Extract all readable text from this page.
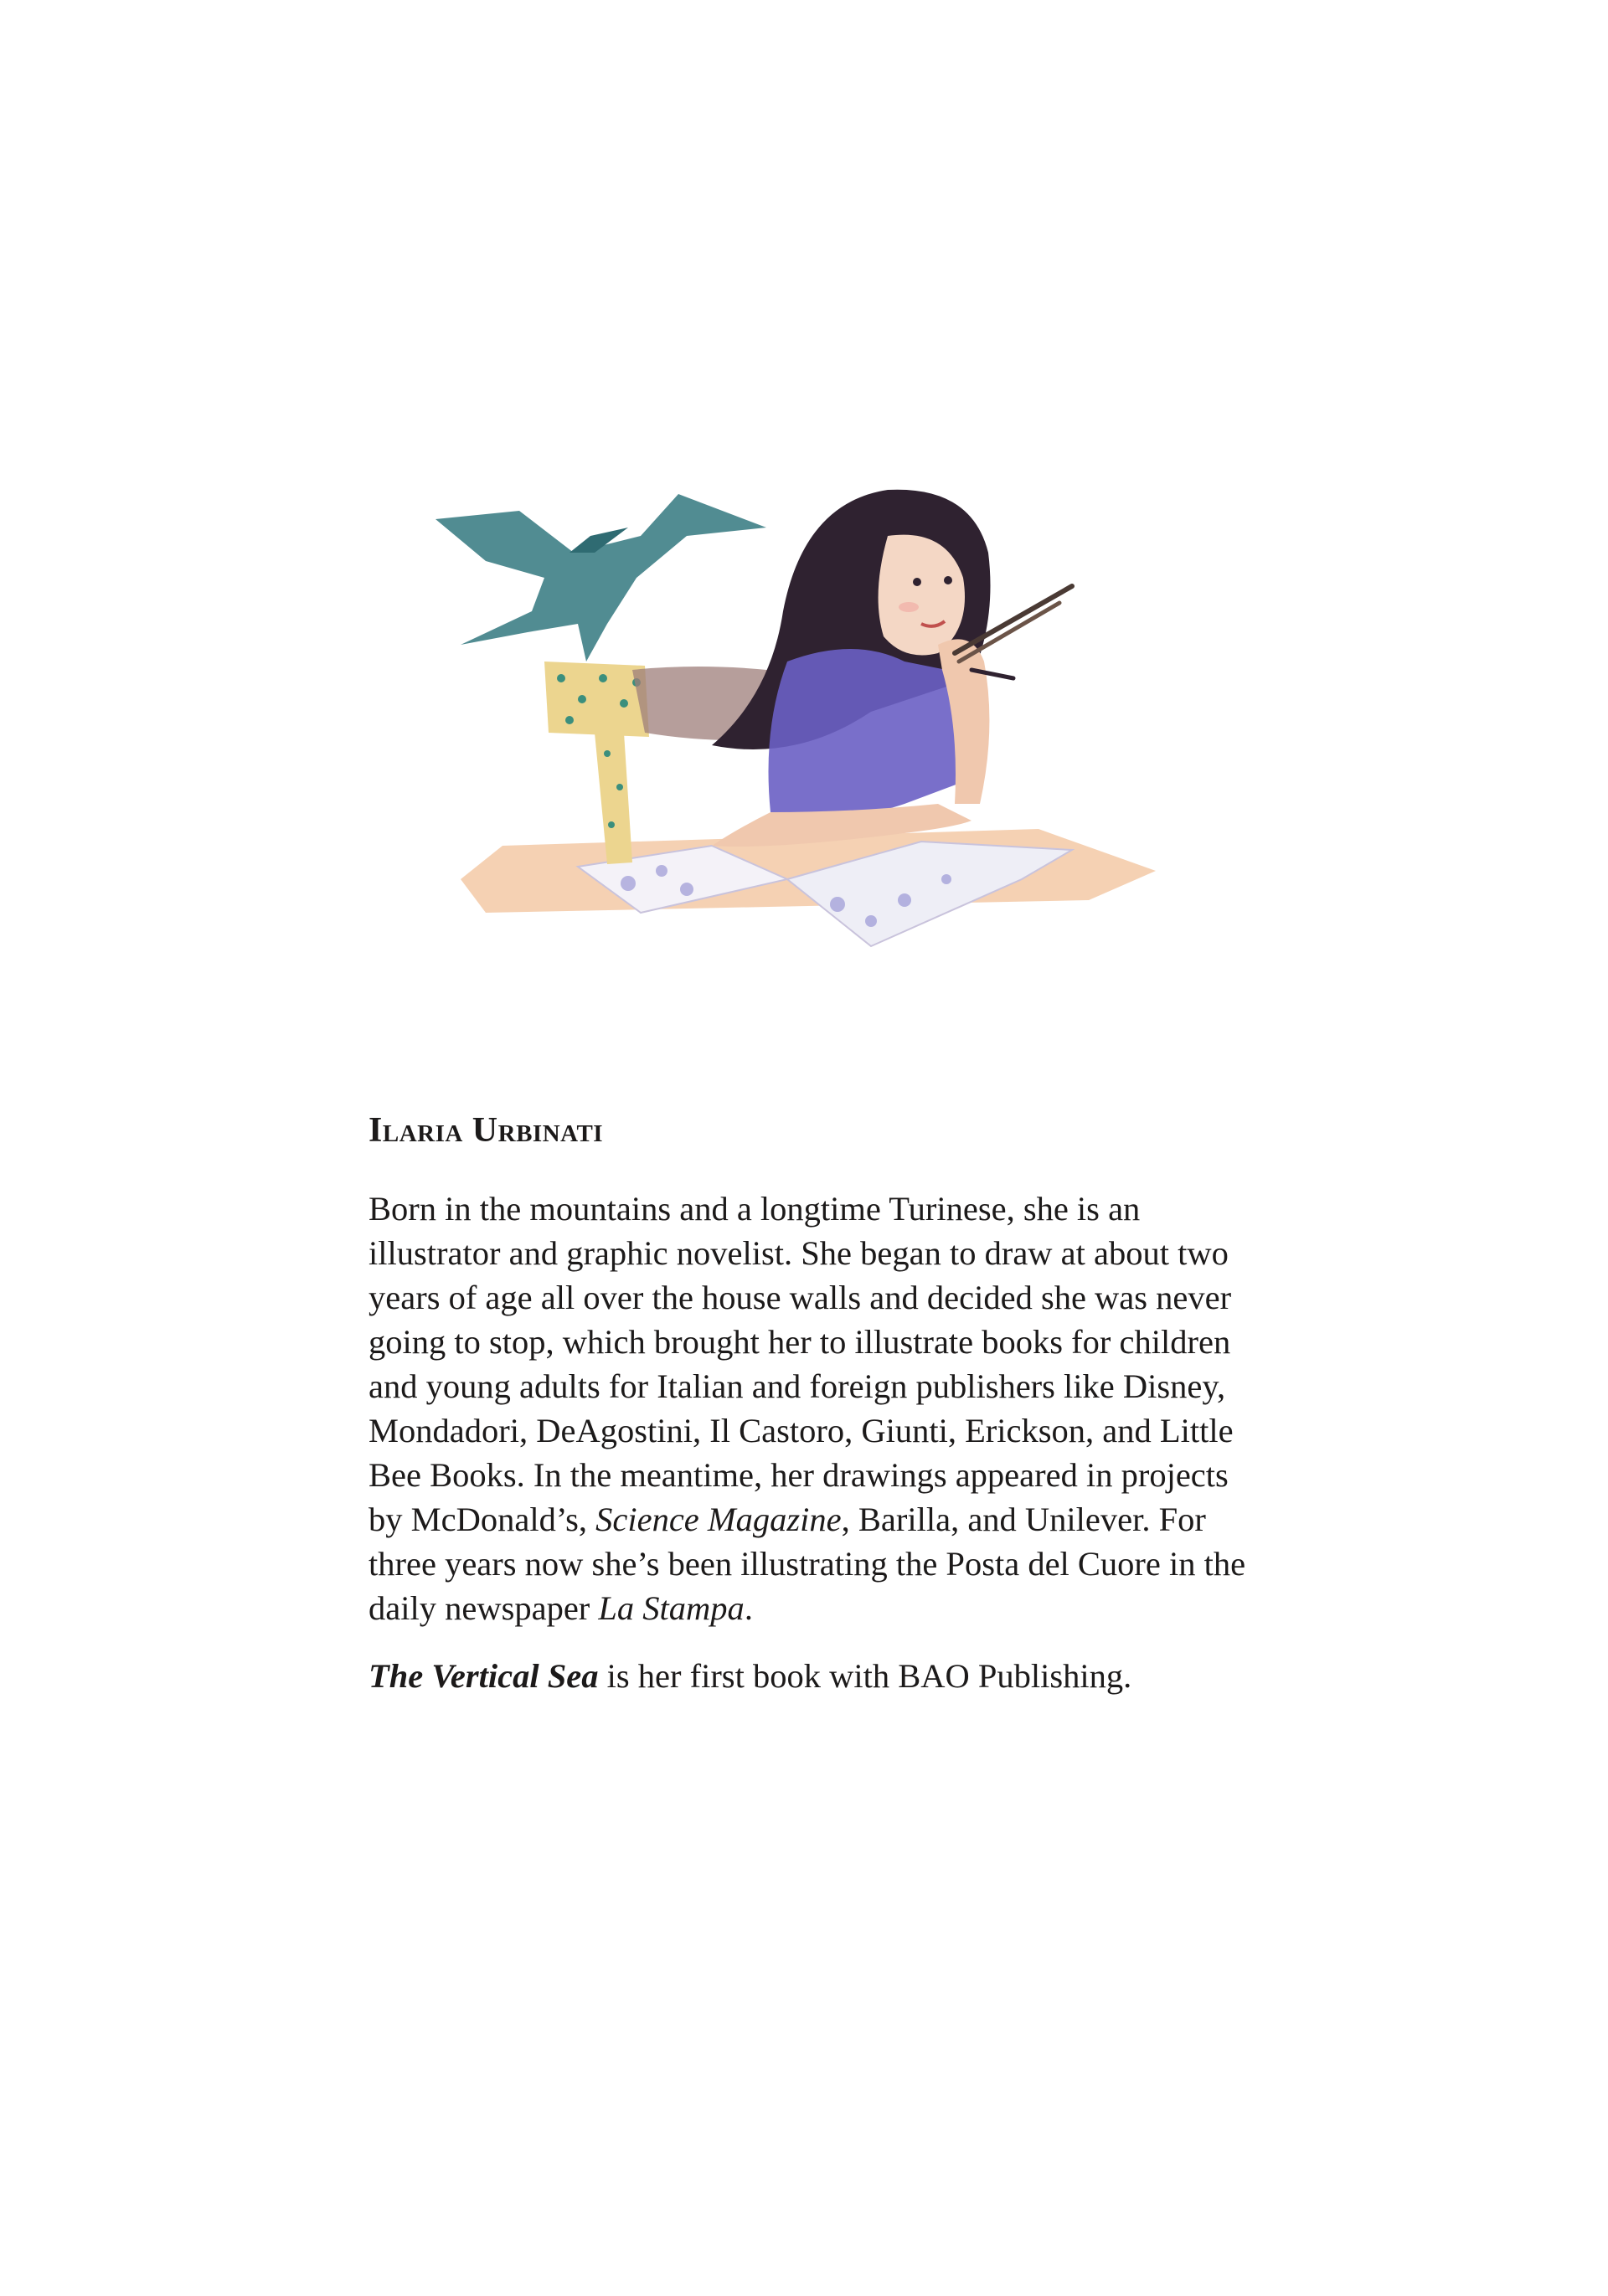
Ilaria Urbinati

Born in the mountains and a longtime Turinese, she is an illustrator and graphic novelist. She began to draw at about two years of age all over the house walls and decided she was never going to stop, which brought her to illustrate books for children and young adults for Italian and foreign publishers like Disney, Mondadori, DeAgostini, Il Castoro, Giunti, Erickson, and Little Bee Books. In the meantime, her drawings appeared in projects by McDonald’s, Science Magazine, Barilla, and Unilever. For three years now she’s been illustrating the Posta del Cuore in the daily newspaper La Stampa.

The Vertical Sea is her first book with BAO Publishing.
